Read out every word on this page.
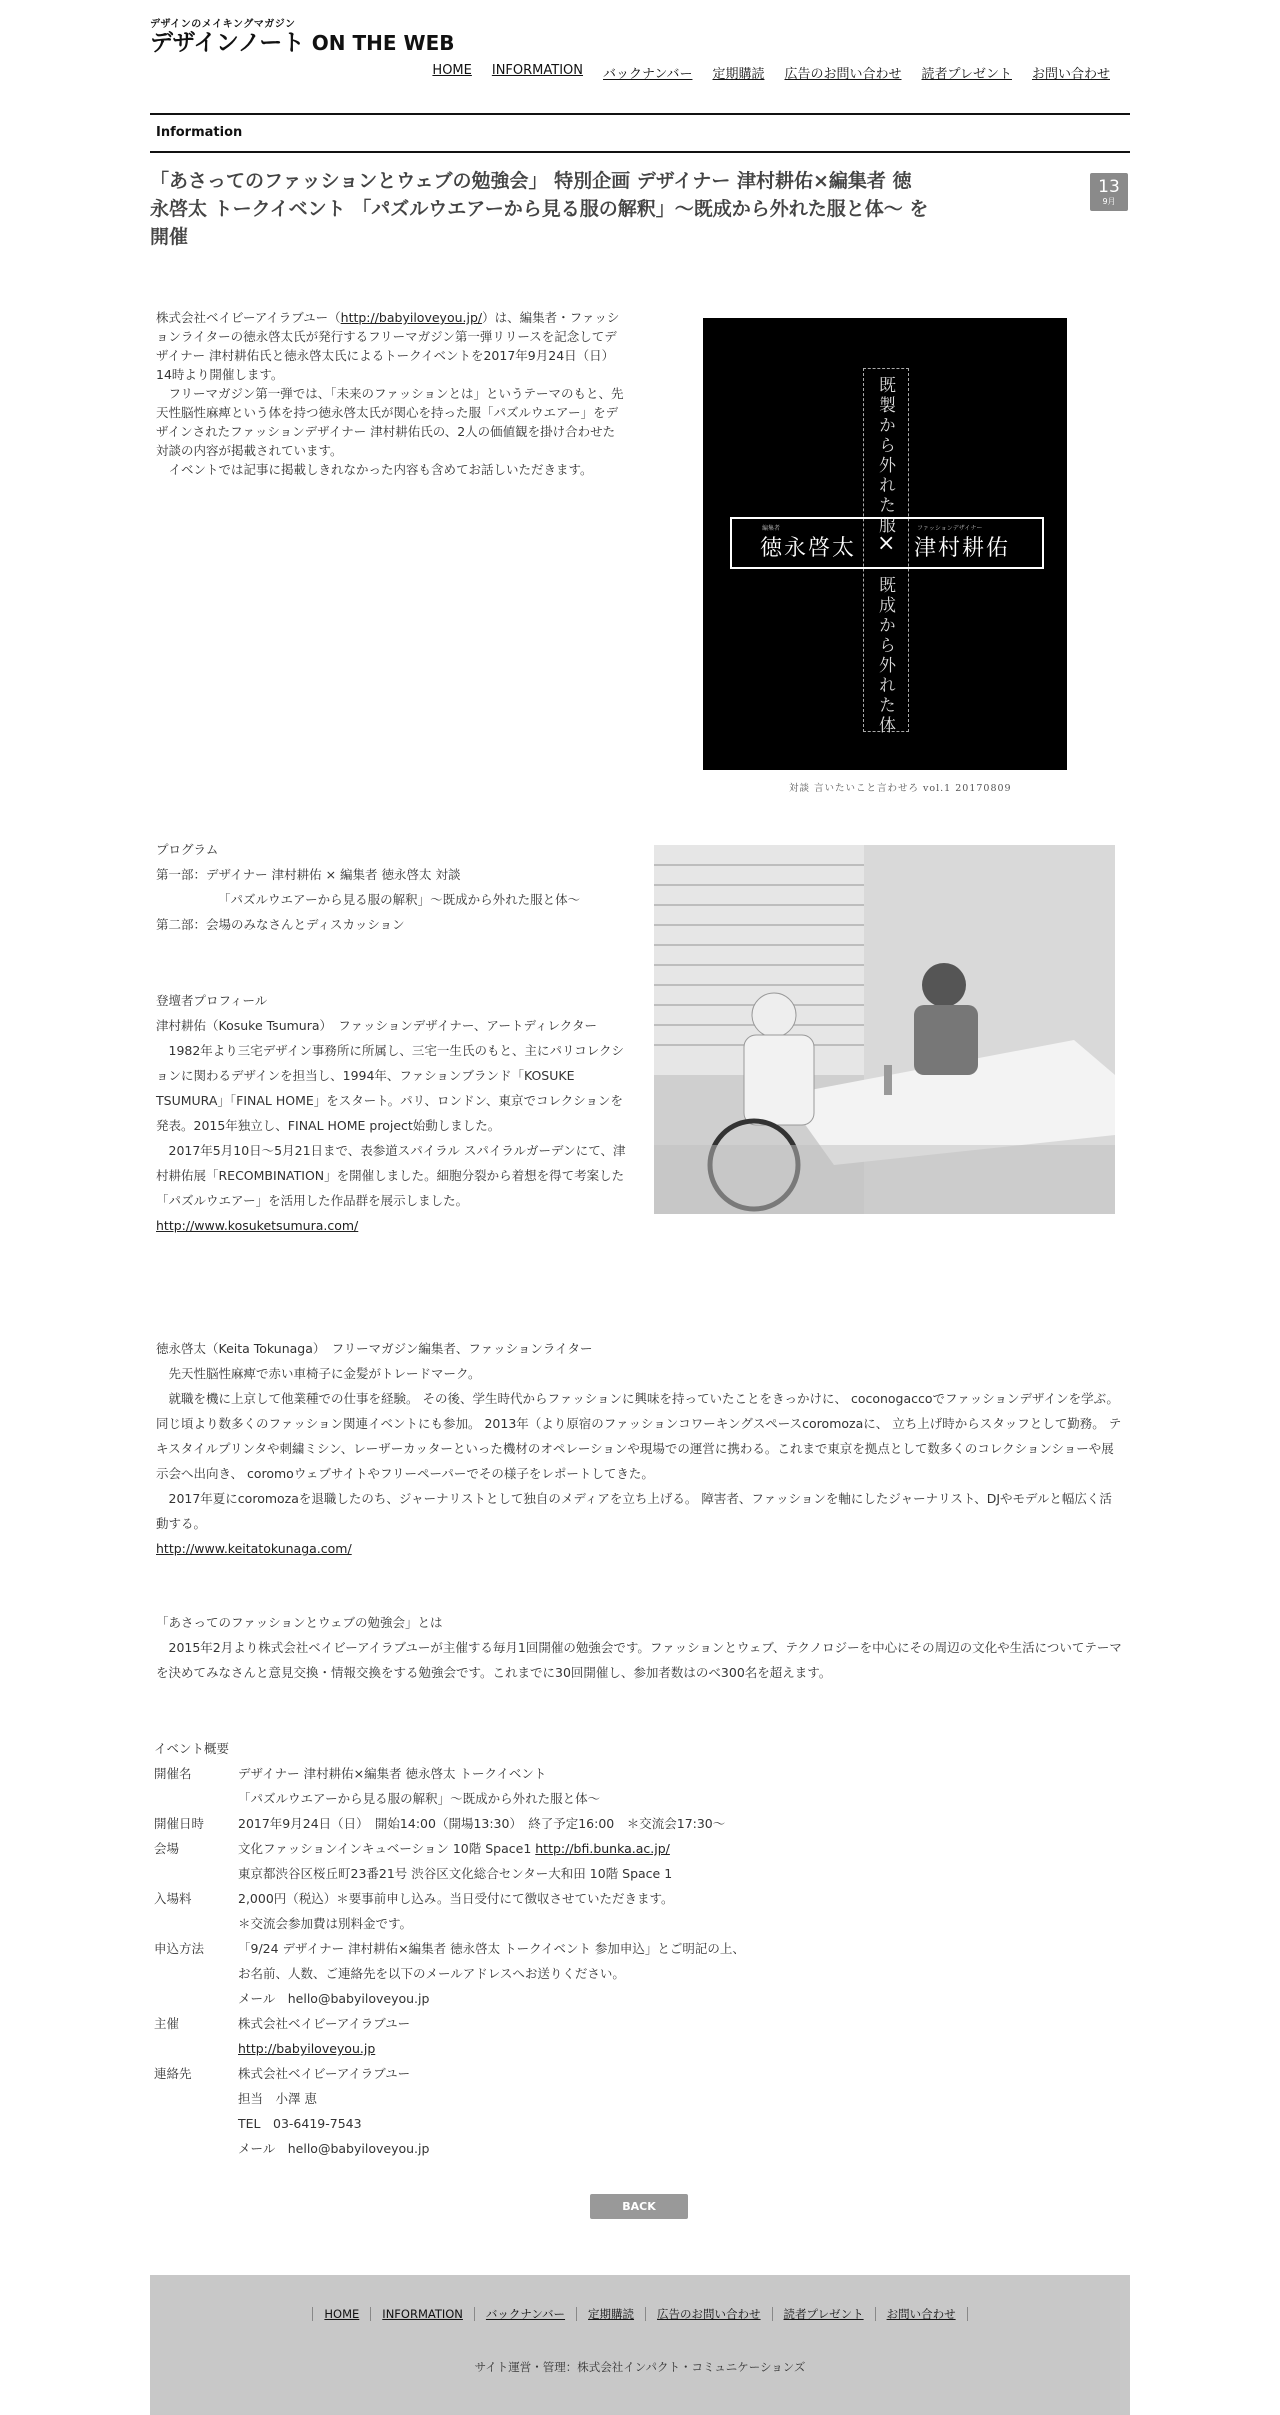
デザインのメイキングマガジン
デザインノート ON THE WEB
HOME INFORMATION バックナンバー 定期購読 広告のお問い合わせ 読者プレゼント お問い合わせ
Information
「あさってのファッションとウェブの勉強会」 特別企画 デザイナー 津村耕佑×編集者 徳永啓太 トークイベント 「パズルウエアーから見る服の解釈」〜既成から外れた服と体〜 を開催
13
9月
株式会社ベイビーアイラブユー（http://babyiloveyou.jp/）は、編集者・ファッションライターの徳永啓太氏が発行するフリーマガジン第一弾リリースを記念してデザイナー 津村耕佑氏と徳永啓太氏によるトークイベントを2017年9月24日（日）14時より開催します。
フリーマガジン第一弾では、「未来のファッションとは」というテーマのもと、先天性脳性麻痺という体を持つ徳永啓太氏が関心を持った服「パズルウエアー」をデザインされたファッションデザイナー 津村耕佑氏の、2人の価値観を掛け合わせた対談の内容が掲載されています。
イベントでは記事に掲載しきれなかった内容も含めてお話しいただきます。	既製から外れた服
既成から外れた体
編集者
徳永啓太 ×
ファッションデザイナー
津村耕佑
対談 言いたいこと言わせろ vol.1 20170809
プログラム
第一部：デザイナー 津村耕佑 × 編集者 徳永啓太 対談
「パズルウエアーから見る服の解釈」〜既成から外れた服と体〜
第二部：会場のみなさんとディスカッション
登壇者プロフィール
津村耕佑（Kosuke Tsumura）　ファッションデザイナー、アートディレクター
1982年より三宅デザイン事務所に所属し、三宅一生氏のもと、主にパリコレクションに関わるデザインを担当し、1994年、ファションブランド「KOSUKE TSUMURA」「FINAL HOME」をスタート。パリ、ロンドン、東京でコレクションを発表。2015年独立し、FINAL HOME project始動しました。
2017年5月10日〜5月21日まで、表参道スパイラル スパイラルガーデンにて、津村耕佑展「RECOMBINATION」を開催しました。細胞分裂から着想を得て考案した「パズルウエアー」を活用した作品群を展示しました。
http://www.kosuketsumura.com/
徳永啓太（Keita Tokunaga）　フリーマガジン編集者、ファッションライター
先天性脳性麻痺で赤い車椅子に金髪がトレードマーク。
就職を機に上京して他業種での仕事を経験。 その後、学生時代からファッションに興味を持っていたことをきっかけに、 coconogaccoでファッションデザインを学ぶ。 同じ頃より数多くのファッション関連イベントにも参加。 2013年（より原宿のファッションコワーキングスペースcoromozaに、 立ち上げ時からスタッフとして勤務。 テキスタイルプリンタや刺繍ミシン、レーザーカッターといった機材のオペレーションや現場での運営に携わる。これまで東京を拠点として数多くのコレクションショーや展示会へ出向き、 coromoウェブサイトやフリーペーパーでその様子をレポートしてきた。
2017年夏にcoromozaを退職したのち、ジャーナリストとして独自のメディアを立ち上げる。 障害者、ファッションを軸にしたジャーナリスト、DJやモデルと幅広く活動する。
http://www.keitatokunaga.com/
「あさってのファッションとウェブの勉強会」とは
2015年2月より株式会社ベイビーアイラブユーが主催する毎月1回開催の勉強会です。ファッションとウェブ、テクノロジーを中心にその周辺の文化や生活についてテーマを決めてみなさんと意見交換・情報交換をする勉強会です。これまでに30回開催し、参加者数はのべ300名を超えます。
イベント概要
開催名	デザイナー 津村耕佑×編集者 徳永啓太 トークイベント
「パズルウエアーから見る服の解釈」〜既成から外れた服と体〜
開催日時	2017年9月24日（日）　開始14:00（開場13:30）　終了予定16:00　＊交流会17:30〜
会場	文化ファッションインキュベーション 10階 Space1 http://bfi.bunka.ac.jp/
東京都渋谷区桜丘町23番21号 渋谷区文化総合センター大和田 10階 Space 1
入場料	2,000円（税込）＊要事前申し込み。当日受付にて徴収させていただきます。
＊交流会参加費は別料金です。
申込方法	「9/24 デザイナー 津村耕佑×編集者 徳永啓太 トークイベント 参加申込」とご明記の上、
お名前、人数、ご連絡先を以下のメールアドレスへお送りください。
メール　hello@babyiloveyou.jp
主催	株式会社ベイビーアイラブユー
http://babyiloveyou.jp
連絡先	株式会社ベイビーアイラブユー
担当　小澤 恵
TEL　03-6419-7543
メール　hello@babyiloveyou.jp
BACK
HOME INFORMATION バックナンバー 定期購読 広告のお問い合わせ 読者プレゼント お問い合わせ
サイト運営・管理：株式会社インパクト・コミュニケーションズ
